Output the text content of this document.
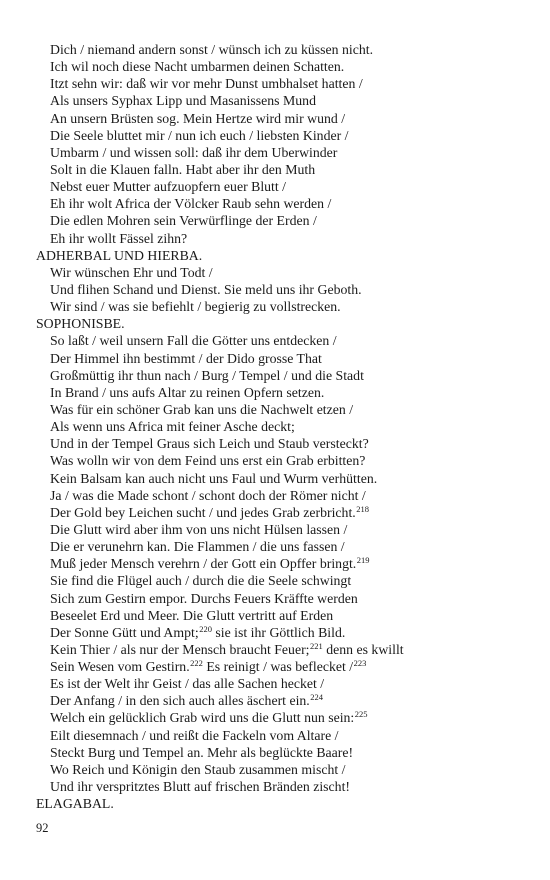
Dich / niemand andern sonst / wünsch ich zu küssen nicht.
Ich wil noch diese Nacht umbarmen deinen Schatten.
Itzt sehn wir: daß wir vor mehr Dunst umbhalset hatten /
Als unsers Syphax Lipp und Masanissens Mund
An unsern Brüsten sog. Mein Hertze wird mir wund /
Die Seele bluttet mir / nun ich euch / liebsten Kinder /
Umbarm / und wissen soll: daß ihr dem Uberwinder
Solt in die Klauen falln. Habt aber ihr den Muth
Nebst euer Mutter aufzuopfern euer Blutt /
Eh ihr wolt Africa der Völcker Raub sehn werden /
Die edlen Mohren sein Verwürflinge der Erden /
Eh ihr wollt Fässel zihn?
ADHERBAL UND HIERBA.
Wir wünschen Ehr und Todt /
Und flihen Schand und Dienst. Sie meld uns ihr Geboth.
Wir sind / was sie befiehlt / begierig zu vollstrecken.
SOPHONISBE.
So laßt / weil unsern Fall die Götter uns entdecken /
Der Himmel ihn bestimmt / der Dido grosse That
Großmüttig ihr thun nach / Burg / Tempel / und die Stadt
In Brand / uns aufs Altar zu reinen Opfern setzen.
Was für ein schöner Grab kan uns die Nachwelt etzen /
Als wenn uns Africa mit feiner Asche deckt;
Und in der Tempel Graus sich Leich und Staub versteckt?
Was wolln wir von dem Feind uns erst ein Grab erbitten?
Kein Balsam kan auch nicht uns Faul und Wurm verhütten.
Ja / was die Made schont / schont doch der Römer nicht /
Der Gold bey Leichen sucht / und jedes Grab zerbricht.$^{218}$
Die Glutt wird aber ihm von uns nicht Hülsen lassen /
Die er verunehrn kan. Die Flammen / die uns fassen /
Muß jeder Mensch verehrn / der Gott ein Opffer bringt.$^{219}$
Sie find die Flügel auch / durch die die Seele schwingt
Sich zum Gestirn empor. Durchs Feuers Kräffte werden
Beseelet Erd und Meer. Die Glutt vertritt auf Erden
Der Sonne Gütt und Ampt;$^{220}$ sie ist ihr Göttlich Bild.
Kein Thier / als nur der Mensch braucht Feuer;$^{221}$ denn es kwillt
Sein Wesen vom Gestirn.$^{222}$ Es reinigt / was beflecket /$^{223}$
Es ist der Welt ihr Geist / das alle Sachen hecket /
Der Anfang / in den sich auch alles äschert ein.$^{224}$
Welch ein gelücklich Grab wird uns die Glutt nun sein:$^{225}$
Eilt diesemnach / und reißt die Fackeln vom Altare /
Steckt Burg und Tempel an. Mehr als beglückte Baare!
Wo Reich und Königin den Staub zusammen mischt /
Und ihr verspritztes Blutt auf frischen Bränden zischt!
ELAGABAL.
92
